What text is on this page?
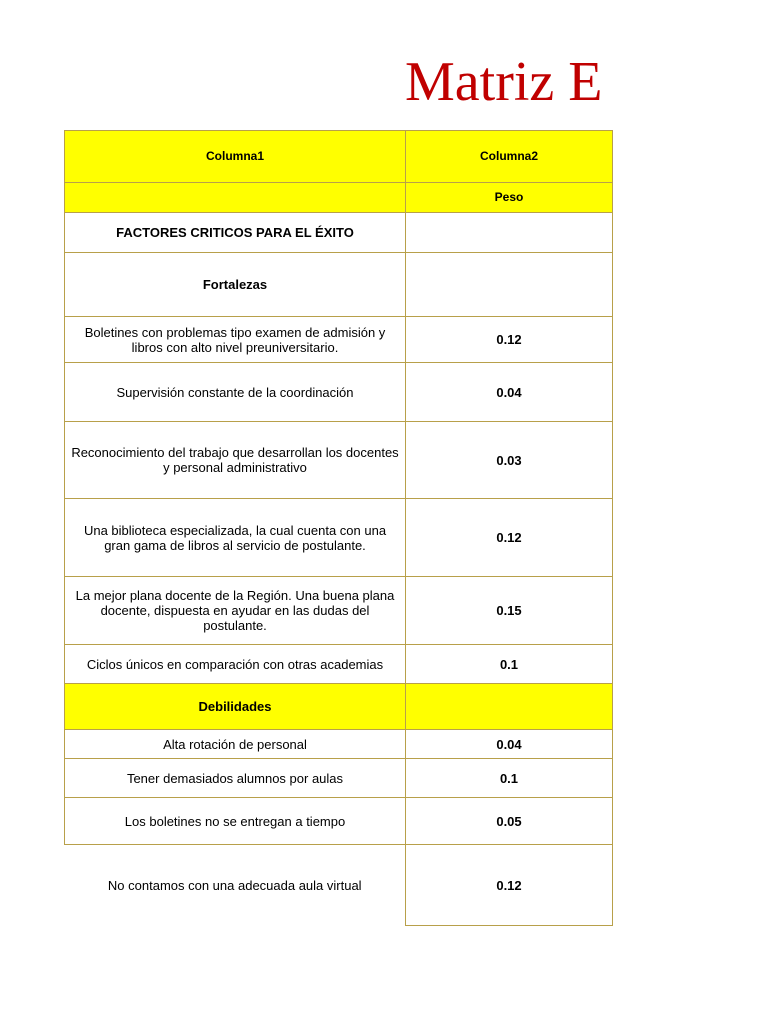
Matriz E
Columna1	Columna2
	Peso
FACTORES CRITICOS PARA EL ÉXITO	
Fortalezas	
Boletines con problemas tipo examen de admisión y libros con alto nivel preuniversitario.	0.12
Supervisión constante de la coordinación	0.04
Reconocimiento del trabajo que desarrollan los docentes y personal administrativo	0.03
Una biblioteca especializada, la cual cuenta con una gran gama de libros al servicio de postulante.	0.12
La mejor plana docente de la Región. Una buena plana docente, dispuesta en ayudar en las dudas del postulante.	0.15
Ciclos únicos en comparación con otras academias	0.1
Debilidades	
Alta rotación de personal	0.04
Tener demasiados alumnos por aulas	0.1
Los boletines no se entregan a tiempo	0.05
No contamos con una adecuada aula virtual	0.12
